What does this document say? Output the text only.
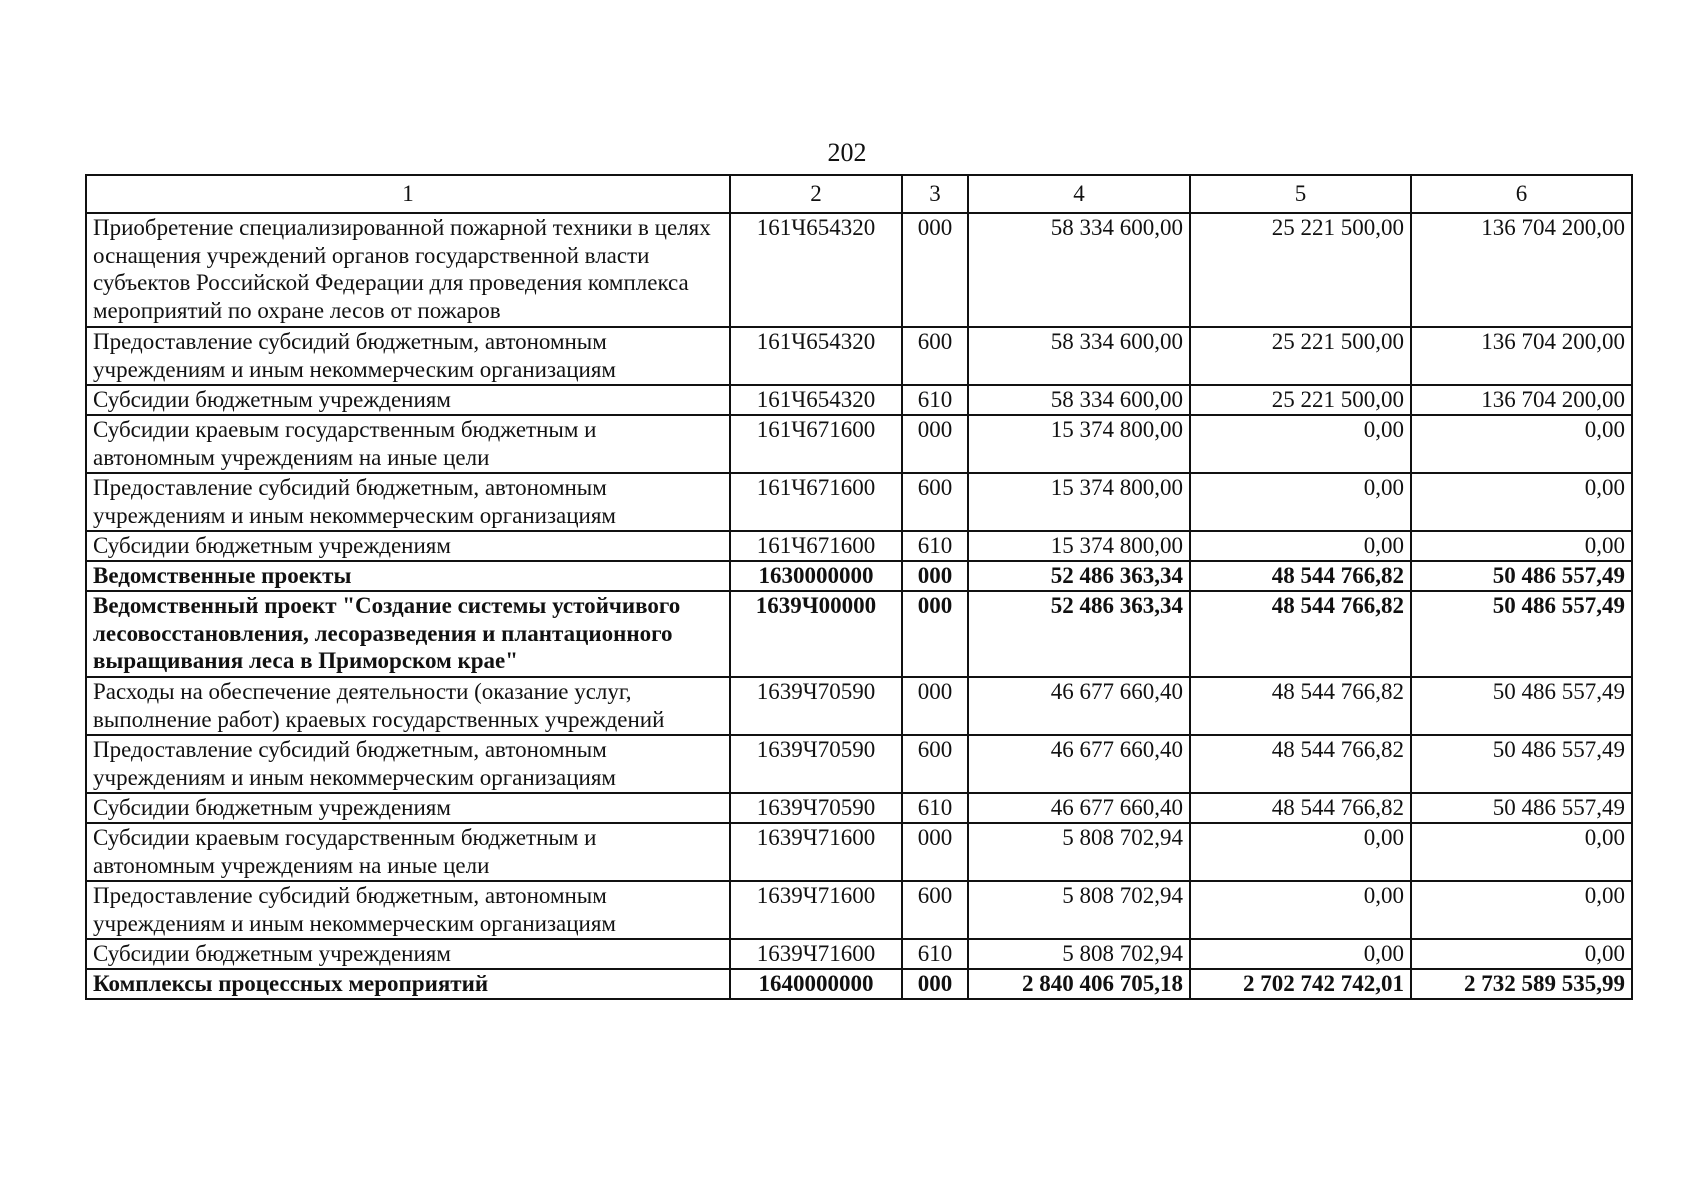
202
1	2	3	4	5	6
Приобретение специализированной пожарной техники в целях оснащения учреждений органов государственной власти субъектов Российской Федерации для проведения комплекса мероприятий по охране лесов от пожаров	161Ч654320	000	58 334 600,00	25 221 500,00	136 704 200,00
Предоставление субсидий бюджетным, автономным учреждениям и иным некоммерческим организациям	161Ч654320	600	58 334 600,00	25 221 500,00	136 704 200,00
Субсидии бюджетным учреждениям	161Ч654320	610	58 334 600,00	25 221 500,00	136 704 200,00
Субсидии краевым государственным бюджетным и автономным учреждениям на иные цели	161Ч671600	000	15 374 800,00	0,00	0,00
Предоставление субсидий бюджетным, автономным учреждениям и иным некоммерческим организациям	161Ч671600	600	15 374 800,00	0,00	0,00
Субсидии бюджетным учреждениям	161Ч671600	610	15 374 800,00	0,00	0,00
Ведомственные проекты	1630000000	000	52 486 363,34	48 544 766,82	50 486 557,49
Ведомственный проект "Создание системы устойчивого лесовосстановления, лесоразведения и плантационного выращивания леса в Приморском крае"	1639Ч00000	000	52 486 363,34	48 544 766,82	50 486 557,49
Расходы на обеспечение деятельности (оказание услуг, выполнение работ) краевых государственных учреждений	1639Ч70590	000	46 677 660,40	48 544 766,82	50 486 557,49
Предоставление субсидий бюджетным, автономным учреждениям и иным некоммерческим организациям	1639Ч70590	600	46 677 660,40	48 544 766,82	50 486 557,49
Субсидии бюджетным учреждениям	1639Ч70590	610	46 677 660,40	48 544 766,82	50 486 557,49
Субсидии краевым государственным бюджетным и автономным учреждениям на иные цели	1639Ч71600	000	5 808 702,94	0,00	0,00
Предоставление субсидий бюджетным, автономным учреждениям и иным некоммерческим организациям	1639Ч71600	600	5 808 702,94	0,00	0,00
Субсидии бюджетным учреждениям	1639Ч71600	610	5 808 702,94	0,00	0,00
Комплексы процессных мероприятий	1640000000	000	2 840 406 705,18	2 702 742 742,01	2 732 589 535,99
